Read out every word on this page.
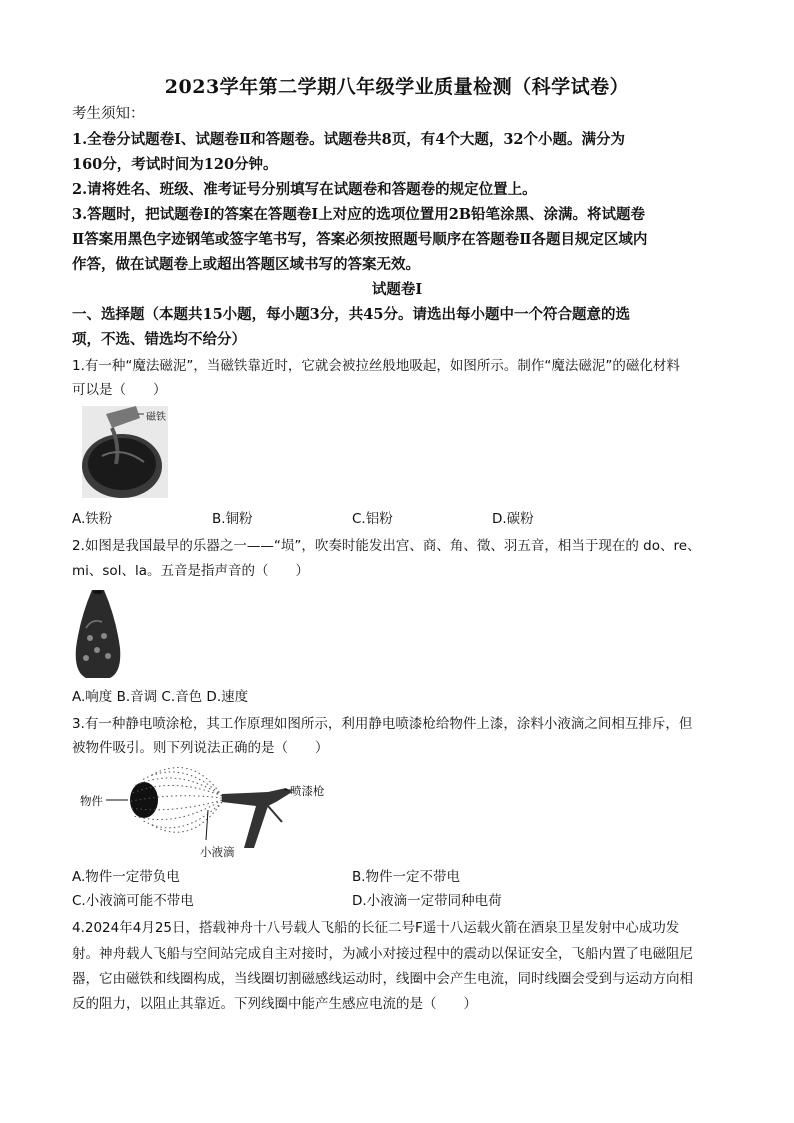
2023学年第二学期八年级学业质量检测（科学试卷）
考生须知：
1.全卷分试题卷Ⅰ、试题卷Ⅱ和答题卷。试题卷共8页，有4个大题，32个小题。满分为
160分，考试时间为120分钟。
2.请将姓名、班级、准考证号分别填写在试题卷和答题卷的规定位置上。
3.答题时，把试题卷Ⅰ的答案在答题卷Ⅰ上对应的选项位置用2B铅笔涂黑、涂满。将试题卷
Ⅱ答案用黑色字迹钢笔或签字笔书写，答案必须按照题号顺序在答题卷Ⅱ各题目规定区域内
作答，做在试题卷上或超出答题区域书写的答案无效。
试题卷Ⅰ
一、选择题（本题共15小题，每小题3分，共45分。请选出每小题中一个符合题意的选
项，不选、错选均不给分）
1.有一种“魔法磁泥”，当磁铁靠近时，它就会被拉丝般地吸起，如图所示。制作“魔法磁泥”的磁化材料
可以是（　　）
磁铁
A.铁粉	B.铜粉	C.铝粉	D.碳粉
2.如图是我国最早的乐器之一——“埙”，吹奏时能发出宫、商、角、徵、羽五音，相当于现在的 do、re、
mi、sol、la。五音是指声音的（　　）
A.响度 B.音调 C.音色 D.速度
3.有一种静电喷涂枪，其工作原理如图所示，利用静电喷漆枪给物件上漆，涂料小液滴之间相互排斥，但
被物件吸引。则下列说法正确的是（　　）
物件
喷漆枪
小液滴
A.物件一定带负电	B.物件一定不带电
C.小液滴可能不带电	D.小液滴一定带同种电荷
4.2024年4月25日，搭载神舟十八号载人飞船的长征二号F遥十八运载火箭在酒泉卫星发射中心成功发
射。神舟载人飞船与空间站完成自主对接时，为减小对接过程中的震动以保证安全，飞船内置了电磁阻尼
器，它由磁铁和线圈构成，当线圈切割磁感线运动时，线圈中会产生电流，同时线圈会受到与运动方向相
反的阻力，以阻止其靠近。下列线圈中能产生感应电流的是（　　）
